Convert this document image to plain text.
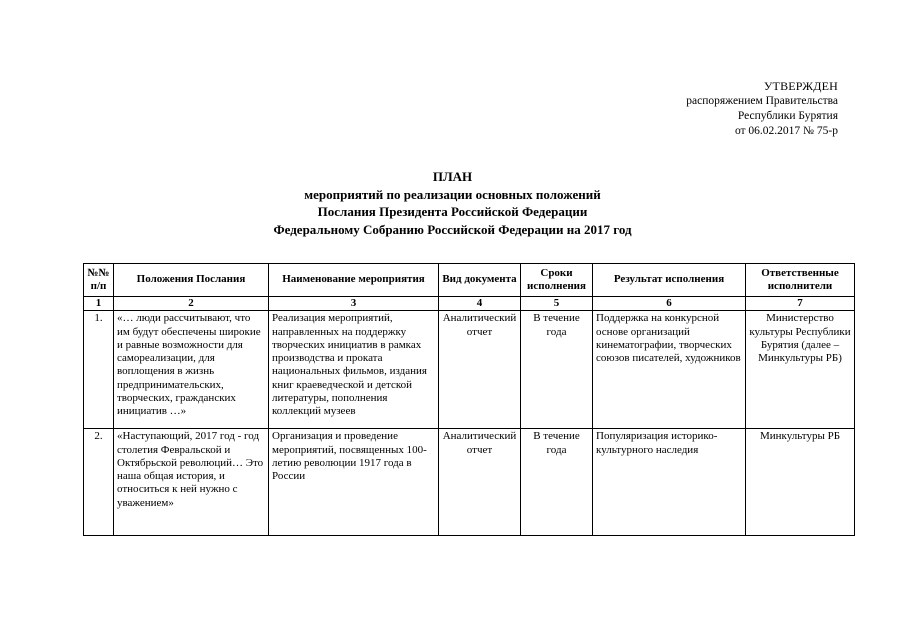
УТВЕРЖДЕН
распоряжением Правительства
Республики Бурятия
от 06.02.2017 № 75-р
ПЛАН
мероприятий по реализации основных положений
Послания Президента Российской Федерации
Федеральному Собранию Российской Федерации на 2017 год
№№ п/п	Положения Послания	Наименование мероприятия	Вид документа	Сроки исполнения	Результат исполнения	Ответственные исполнители
1	2	3	4	5	6	7
1.	«… люди рассчитывают, что им будут обеспечены широкие и равные возможности для самореализации, для воплощения в жизнь предпринимательских, творческих, гражданских инициатив …»	Реализация мероприятий, направленных на поддержку творческих инициатив в рамках производства и проката национальных фильмов, издания книг краеведческой и детской литературы, пополнения коллекций музеев	Аналитический отчет	В течение года	Поддержка на конкурсной основе организаций кинематографии, творческих союзов писателей, художников	Министерство культуры Республики Бурятия (далее – Минкультуры РБ)
2.	«Наступающий, 2017 год - год столетия Февральской и Октябрьской революций… Это наша общая история, и относиться к ней нужно с уважением»	Организация и проведение мероприятий, посвященных 100-летию революции 1917 года в России	Аналитический отчет	В течение года	Популяризация историко-культурного наследия	Минкультуры РБ
